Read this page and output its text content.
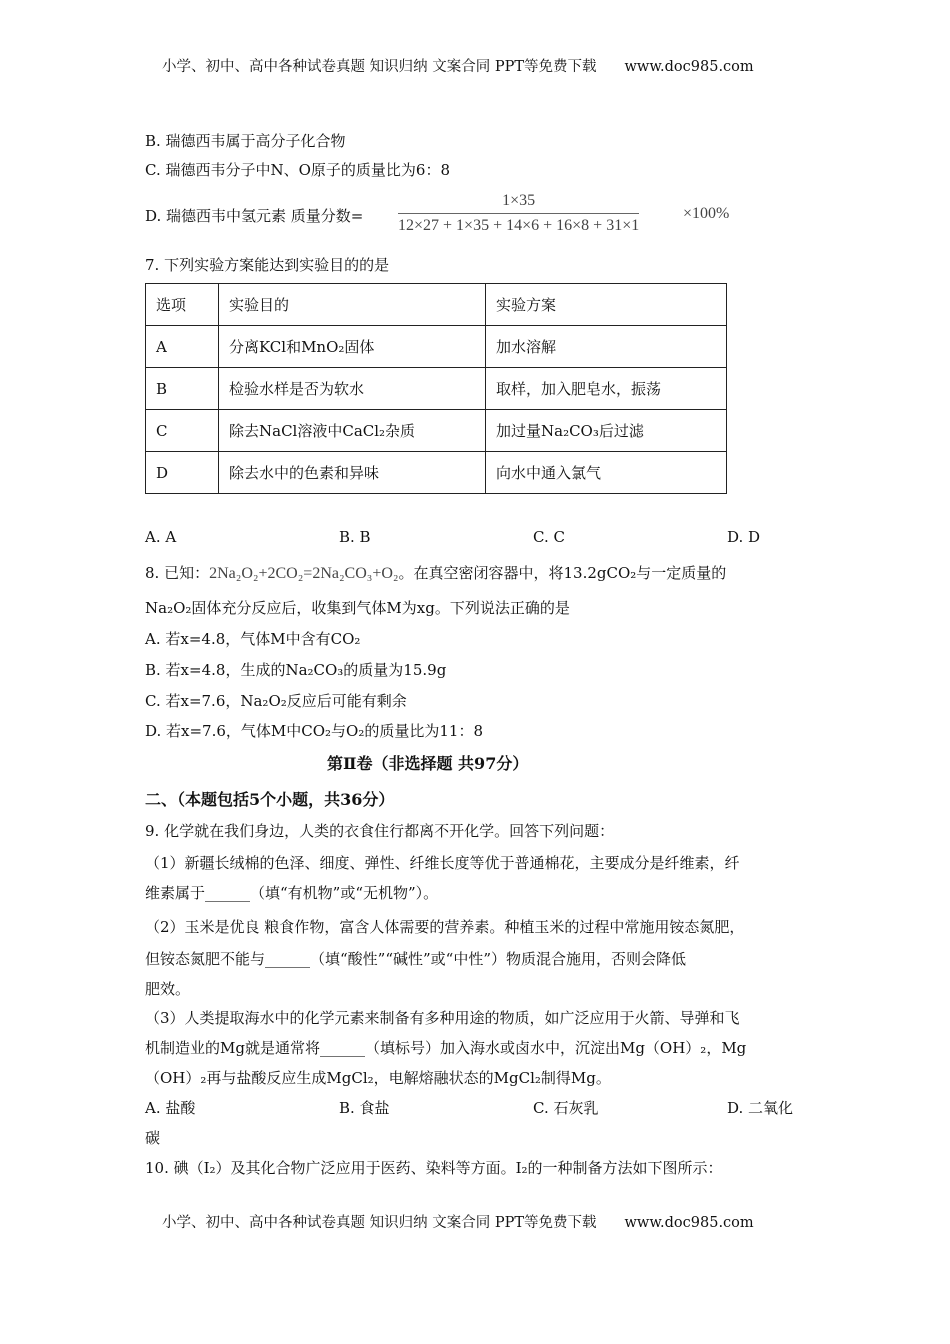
小学、初中、高中各种试卷真题 知识归纳 文案合同 PPT等免费下载 www.doc985.com
B. 瑞德西韦属于高分子化合物
C. 瑞德西韦分子中N、O原子的质量比为6：8
D. 瑞德西韦中氢元素 质量分数= $\frac{1\times 35}{12\times 27 + 1\times 35 + 14\times 6 + 16\times 8 + 31\times 1}$	×100%
7. 下列实验方案能达到实验目的的是
选项	实验目的	实验方案
A	分离KCl和MnO₂固体	加水溶解
B	检验水样是否为软水	取样，加入肥皂水，振荡
C	除去NaCl溶液中CaCl₂杂质	加过量Na₂CO₃后过滤
D	除去水中的色素和异味	向水中通入氯气
A. A	B. B	C. C	D. D
8. 已知：2Na₂O₂+2CO₂=2Na₂CO₃+O₂。在真空密闭容器中，将13.2gCO₂与一定质量的
Na₂O₂固体充分反应后，收集到气体M为xg。下列说法正确的是
A. 若x=4.8，气体M中含有CO₂
B. 若x=4.8，生成的Na₂CO₃的质量为15.9g
C. 若x=7.6，Na₂O₂反应后可能有剩余
D. 若x=7.6，气体M中CO₂与O₂的质量比为11：8
第Ⅱ卷（非选择题 共97分）
二、（本题包括5个小题，共36分）
9. 化学就在我们身边，人类的衣食住行都离不开化学。回答下列问题：
（1）新疆长绒棉的色泽、细度、弹性、纤维长度等优于普通棉花，主要成分是纤维素，纤
维素属于______（填“有机物”或“无机物”）。
（2）玉米是优良 粮食作物，富含人体需要的营养素。种植玉米的过程中常施用铵态氮肥，
但铵态氮肥不能与______（填“酸性”“碱性”或“中性”）物质混合施用，否则会降低
肥效。
（3）人类提取海水中的化学元素来制备有多种用途的物质，如广泛应用于火箭、导弹和飞
机制造业的Mg就是通常将______（填标号）加入海水或卤水中，沉淀出Mg（OH）₂，Mg
（OH）₂再与盐酸反应生成MgCl₂，电解熔融状态的MgCl₂制得Mg。
A. 盐酸	B. 食盐	C. 石灰乳	D. 二氧化
碳
10. 碘（I₂）及其化合物广泛应用于医药、染料等方面。I₂的一种制备方法如下图所示：
小学、初中、高中各种试卷真题 知识归纳 文案合同 PPT等免费下载 www.doc985.com
